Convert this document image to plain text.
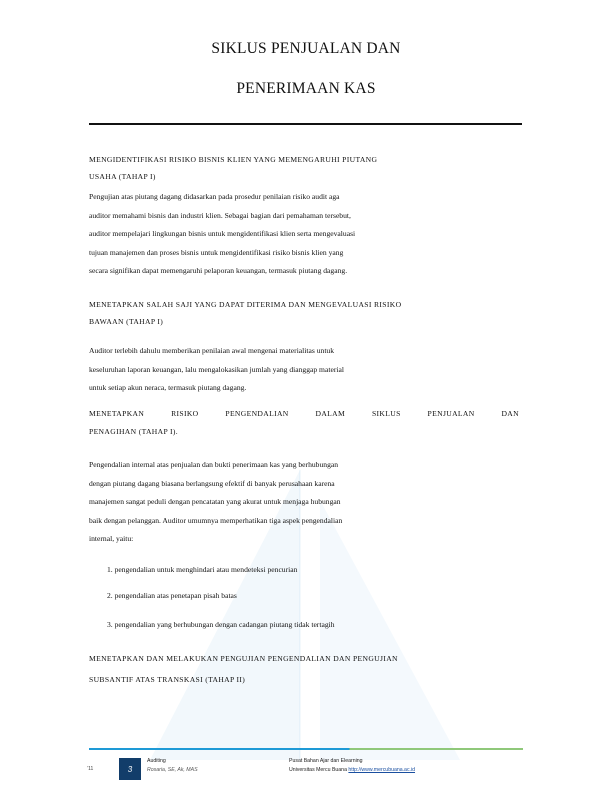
SIKLUS PENJUALAN DAN
PENERIMAAN KAS

MENGIDENTIFIKASI RISIKO BISNIS KLIEN YANG MEMENGARUHI PIUTANG

USAHA (TAHAP I)

Pengujian atas piutang dagang didasarkan pada prosedur penilaian risiko audit aga

auditor memahami bisnis dan industri klien. Sebagai bagian dari pemahaman tersebut,

auditor mempelajari lingkungan bisnis untuk mengidentifikasi klien serta mengevaluasi

tujuan manajemen dan proses bisnis untuk mengidentifikasi risiko bisnis klien yang

secara signifikan dapat memengaruhi pelaporan keuangan, termasuk piutang dagang.

MENETAPKAN SALAH SAJI YANG DAPAT DITERIMA DAN MENGEVALUASI RISIKO

BAWAAN (TAHAP I)

Auditor terlebih dahulu memberikan penilaian awal mengenai materialitas untuk

keseluruhan laporan keuangan, lalu mengalokasikan jumlah yang dianggap material

untuk setiap akun neraca, termasuk piutang dagang.

MENETAPKAN	RISIKO	PENGENDALIAN	DALAM	SIKLUS	PENJUALAN	DAN
PENAGIHAN (TAHAP I).

Pengendalian internal atas penjualan dan bukti penerimaan kas yang berhubungan

dengan piutang dagang biasana berlangsung efektif di banyak perusahaan karena

manajemen sangat peduli dengan pencatatan yang akurat untuk menjaga hubungan

baik dengan pelanggan. Auditor umumnya memperhatikan tiga aspek pengendalian

internal, yaitu:

1. pengendalian untuk menghindari atau mendeteksi pencurian
2. pengendalian atas penetapan pisah batas
3. pengendalian yang berhubungan dengan cadangan piutang tidak tertagih

MENETAPKAN DAN MELAKUKAN PENGUJIAN PENGENDALIAN DAN PENGUJIAN

SUBSANTIF ATAS TRANSKASI (TAHAP II)

’11	3
Auditing
Rosaria, SE, Ak, MAS
Pusat Bahan Ajar dan Elearning
Universitas Mercu Buana http://www.mercubuana.ac.id
